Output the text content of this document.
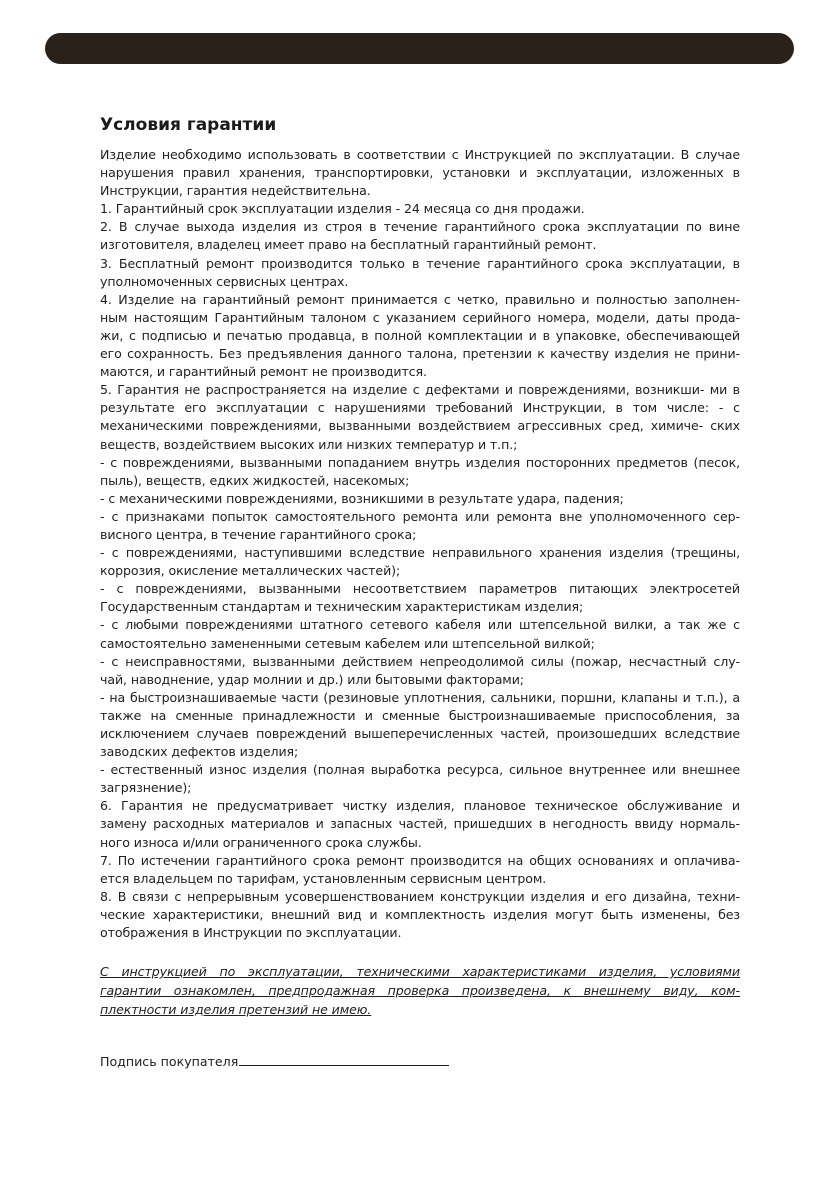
Условия гарантии

Изделие необходимо использовать в соответствии с Инструкцией по эксплуатации. В случае нарушения правил хранения, транспортировки, установки и эксплуатации, изложенных в Инструкции, гарантия недействительна.

1. Гарантийный срок эксплуатации изделия - 24 месяца со дня продажи.

2. В случае выхода изделия из строя в течение гарантийного срока эксплуатации по вине изготовителя, владелец имеет право на бесплатный гарантийный ремонт.

3. Бесплатный ремонт производится только в течение гарантийного срока эксплуатации, в уполномоченных сервисных центрах.

4. Изделие на гарантийный ремонт принимается с четко, правильно и полностью заполнен- ным настоящим Гарантийным талоном с указанием серийного номера, модели, даты прода- жи, с подписью и печатью продавца, в полной комплектации и в упаковке, обеспечивающей его сохранность. Без предъявления данного талона, претензии к качеству изделия не прини- маются, и гарантийный ремонт не производится.

5. Гарантия не распространяется на изделие с дефектами и повреждениями, возникши- ми в результате его эксплуатации с нарушениями требований Инструкции, в том числе: - с механическими повреждениями, вызванными воздействием агрессивных сред, химиче- ских веществ, воздействием высоких или низких температур и т.п.;

- с повреждениями, вызванными попаданием внутрь изделия посторонних предметов (песок, пыль), веществ, едких жидкостей, насекомых;

- с механическими повреждениями, возникшими в результате удара, падения;

- с признаками попыток самостоятельного ремонта или ремонта вне уполномоченного сер- висного центра, в течение гарантийного срока;

- с повреждениями, наступившими вследствие неправильного хранения изделия (трещины, коррозия, окисление металлических частей);

- с повреждениями, вызванными несоответствием параметров питающих электросетей Государственным стандартам и техническим характеристикам изделия;

- с любыми повреждениями штатного сетевого кабеля или штепсельной вилки, а так же с самостоятельно замененными сетевым кабелем или штепсельной вилкой;

- с неисправностями, вызванными действием непреодолимой силы (пожар, несчастный слу- чай, наводнение, удар молнии и др.) или бытовыми факторами;

- на быстроизнашиваемые части (резиновые уплотнения, сальники, поршни, клапаны и т.п.), а также на сменные принадлежности и сменные быстроизнашиваемые приспособления, за исключением случаев повреждений вышеперечисленных частей, произошедших вследствие заводских дефектов изделия;

- естественный износ изделия (полная выработка ресурса, сильное внутреннее или внешнее загрязнение);

6. Гарантия не предусматривает чистку изделия, плановое техническое обслуживание и замену расходных материалов и запасных частей, пришедших в негодность ввиду нормаль- ного износа и/или ограниченного срока службы.

7. По истечении гарантийного срока ремонт производится на общих основаниях и оплачива- ется владельцем по тарифам, установленным сервисным центром.

8. В связи с непрерывным усовершенствованием конструкции изделия и его дизайна, техни- ческие характеристики, внешний вид и комплектность изделия могут быть изменены, без отображения в Инструкции по эксплуатации.

С инструкцией по эксплуатации, техническими характеристиками изделия, условиями гарантии ознакомлен, предпродажная проверка произведена, к внешнему виду, ком- плектности изделия претензий не имею.

Подпись покупателя
